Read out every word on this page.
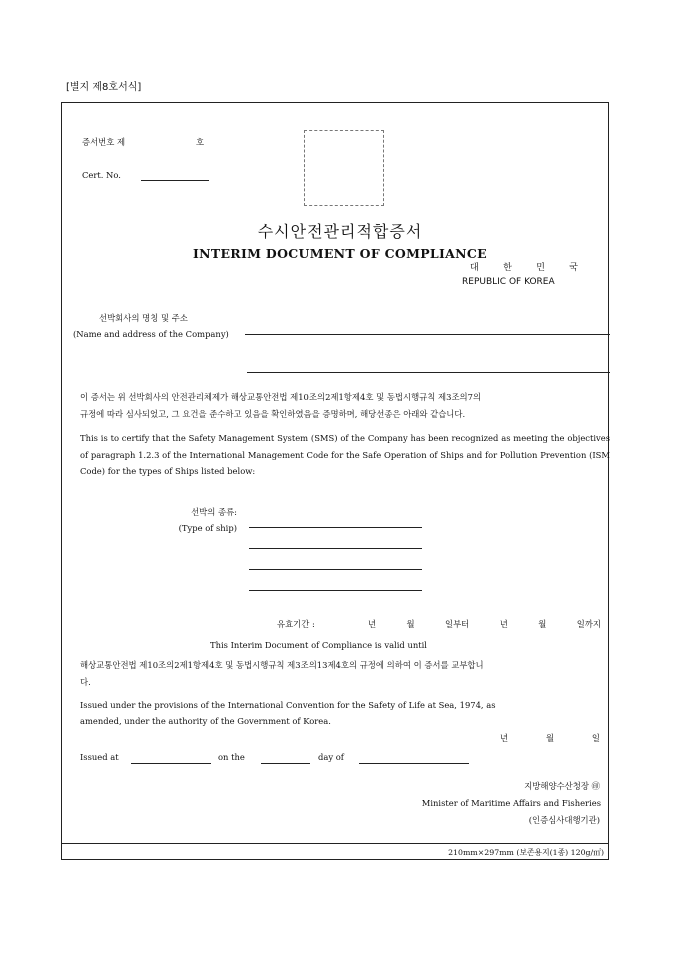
[별지 제8호서식]
증서번호 제	호
Cert. No.
수시안전관리적합증서
INTERIM DOCUMENT OF COMPLIANCE
대	한	민	국
REPUBLIC OF KOREA
선박회사의 명칭 및 주소
(Name and address of the Company)
이 증서는 위 선박회사의 안전관리체제가 해상교통안전법 제10조의2제1항제4호 및 동법시행규칙 제3조의7의
규정에 따라 심사되었고, 그 요건을 준수하고 있음을 확인하였음을 증명하며, 해당선종은 아래와 같습니다.
This is to certify that the Safety Management System (SMS) of the Company has been recognized as meeting the objectives of paragraph 1.2.3 of the International Management Code for the Safe Operation of Ships and for Pollution Prevention (ISM Code) for the types of Ships listed below:
선박의 종류:
(Type of ship)
유효기간 :	년	월	일부터	년	월	일까지
This Interim Document of Compliance is valid until
해상교통안전법 제10조의2제1항제4호 및 동법시행규칙 제3조의13제4호의 규정에 의하여 이 증서를 교부합니
다.
Issued under the provisions of the International Convention for the Safety of Life at Sea, 1974, as
amended, under the authority of the Government of Korea.
년	월	일
Issued at	on the	day of
지방해양수산청장 ㊞
Minister of Maritime Affairs and Fisheries
(인증심사대행기관)
210mm×297mm (보존용지(1종) 120g/㎡)
